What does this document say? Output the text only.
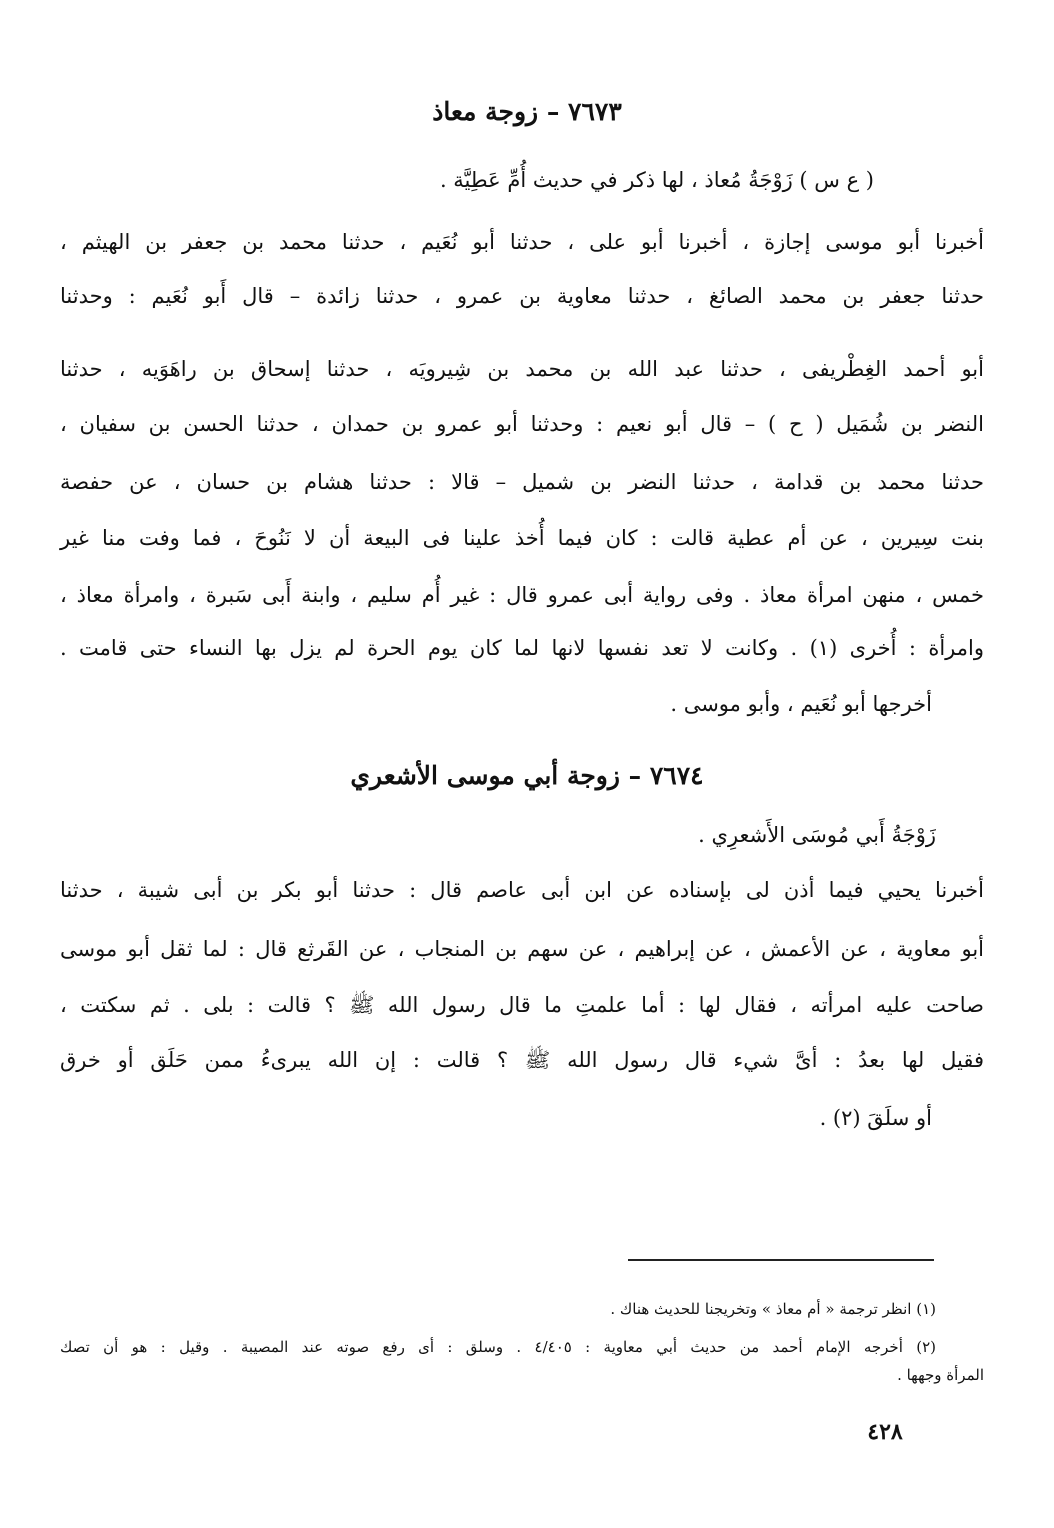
٧٦٧٣ – زوجة معاذ
( ع س ) زَوْجَةُ مُعاذ ، لها ذكر في حديث أُمِّ عَطِيَّة .
أخبرنا أبو موسى إجازة ، أخبرنا أبو على ، حدثنا أبو نُعَيم ، حدثنا محمد بن جعفر بن الهيثم ،
حدثنا جعفر بن محمد الصائغ ، حدثنا معاوية بن عمرو ، حدثنا زائدة – قال أَبو نُعَيم : وحدثنا
أبو أحمد الغِطْريفى ، حدثنا عبد الله بن محمد بن شِيرويَه ، حدثنا إسحاق بن راهَوَيه ، حدثنا
النضر بن شُمَيل ( ح ) – قال أبو نعيم : وحدثنا أبو عمرو بن حمدان ، حدثنا الحسن بن سفيان ،
حدثنا محمد بن قدامة ، حدثنا النضر بن شميل – قالا : حدثنا هشام بن حسان ، عن حفصة
بنت سِيرين ، عن أم عطية قالت : كان فيما أُخذ علينا فى البيعة أن لا نَنُوحَ ، فما وفت منا غير
خمس ، منهن امرأة معاذ . وفى رواية أبى عمرو قال : غير أُم سليم ، وابنة أَبى سَبرة ، وامرأة معاذ ،
وامرأة : أُخرى (١) . وكانت لا تعد نفسها لانها لما كان يوم الحرة لم يزل بها النساء حتى قامت .
أخرجها أبو نُعَيم ، وأبو موسى .
٧٦٧٤ – زوجة أبي موسى الأشعري
زَوْجَةُ أَبي مُوسَى الأَشعرِي .
أخبرنا يحيي فيما أذن لى بإسناده عن ابن أبى عاصم قال : حدثنا أبو بكر بن أبى شيبة ، حدثنا
أبو معاوية ، عن الأعمش ، عن إبراهيم ، عن سهم بن المنجاب ، عن القَرثع قال : لما ثقل أبو موسى
صاحت عليه امرأته ، فقال لها : أما علمتِ ما قال رسول الله ﷺ ؟ قالت : بلى . ثم سكتت ،
فقيل لها بعدُ : أىَّ شيء قال رسول الله ﷺ ؟ قالت : إن الله يبرىءُ ممن حَلَق أو خرق
أو سلَقَ (٢) .
(١) انظر ترجمة « أم معاذ » وتخريجنا للحديث هناك .
(٢) أخرجه الإمام أحمد من حديث أبي معاوية : ٤/٤٠٥ . وسلق : أى رفع صوته عند المصيبة . وقيل : هو أن تصك
المرأة وجهها .
٤٢٨
